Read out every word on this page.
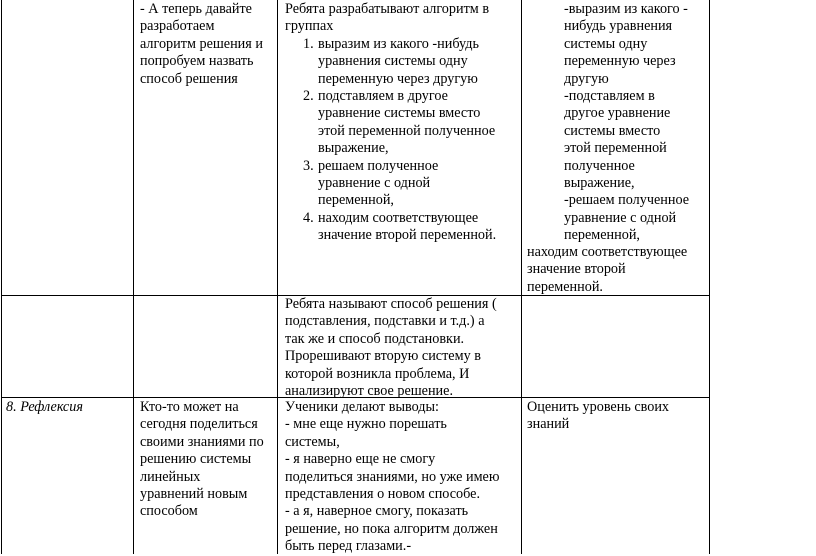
- А теперь давайте

разработаем

алгоритм решения и

попробуем назвать

способ решения

Ребята разрабатывают алгоритм в группах

1. выразим из какого -нибудь
уравнения системы одну
переменную через другую
2. подставляем в другое
уравнение системы вместо
этой переменной полученное
выражение,
3. решаем полученное
уравнение с одной
переменной,
4. находим соответствующее
значение второй переменной.

-выразим из какого -

нибудь уравнения

системы одну

переменную через

другую

-подставляем в

другое уравнение

системы вместо

этой переменной

полученное

выражение,

-решаем полученное

уравнение с одной

переменной,

находим соответствующее

значение второй

переменной.

Ребята называют способ решения (

подставления, подставки и т.д.) а

так же и способ подстановки.

Прорешивают вторую систему в

которой возникла проблема, И

анализируют свое решение.

8. Рефлексия	Кто-то может на

сегодня поделиться

своими знаниями по

решению системы

линейных

уравнений новым

способом

Ученики делают выводы:

- мне еще нужно порешать

системы,

- я наверно еще не смогу

поделиться знаниями, но уже имею

представления о новом способе.

- а я, наверное смогу, показать

решение, но пока алгоритм должен

быть перед глазами.-

Оценить уровень своих

знаний
